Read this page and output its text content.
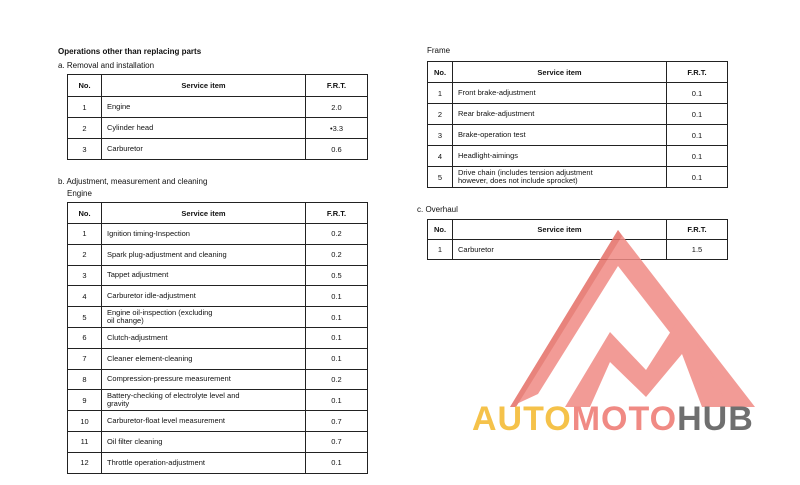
Operations other than replacing parts
a. Removal and installation
b. Adjustment, measurement and cleaning
Engine
Frame
c. Overhaul
No.	Service item	F.R.T.
1	Engine	2.0
2	Cylinder head	•3.3
3	Carburetor	0.6
No.	Service item	F.R.T.
1	Ignition timing-Inspection	0.2
2	Spark plug-adjustment and cleaning	0.2
3	Tappet adjustment	0.5
4	Carburetor idle-adjustment	0.1
5	Engine oil-inspection (excluding
oil change)	0.1
6	Clutch-adjustment	0.1
7	Cleaner element-cleaning	0.1
8	Compression-pressure measurement	0.2
9	Battery-checking of electrolyte level and
gravity	0.1
10	Carburetor-float level measurement	0.7
11	Oil filter cleaning	0.7
12	Throttle operation-adjustment	0.1
No.	Service item	F.R.T.
1	Front brake-adjustment	0.1
2	Rear brake-adjustment	0.1
3	Brake-operation test	0.1
4	Headlight-aimings	0.1
5	Drive chain (includes tension adjustment
however, does not include sprocket)	0.1
No.	Service item	F.R.T.
1	Carburetor	1.5
AUTOMOTOHUB
